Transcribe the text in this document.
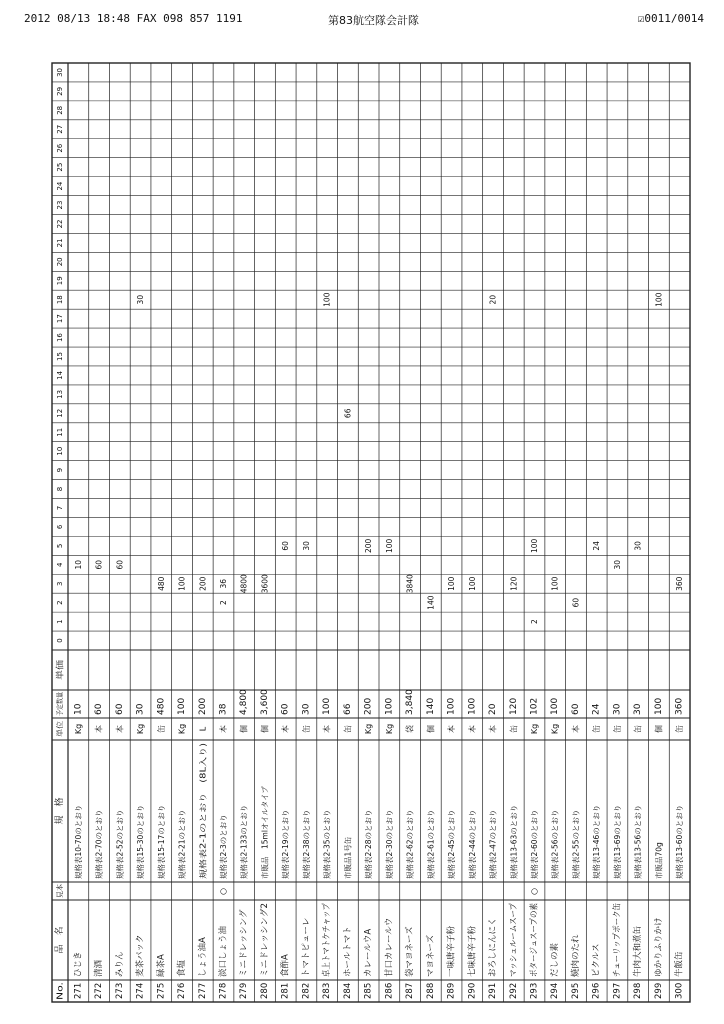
2012 08/13 18:48 FAX 098 857 1191	第83航空隊会計隊	☑0011/0014
No.
品　名
見本
規　格
単位
予定数量
単価
0
1
2
3
4
5
6
7
8
9
10
11
12
13
14
15
16
17
18
19
20
21
22
23
24
25
26
27
28
29
30
271
ひじき
規格表10-70のとおり
Kg
10
10
272
清酒
規格表2-70のとおり
本
60
60
273
みりん
規格表2-52のとおり
本
60
60
274
麦茶パック
規格表15-30のとおり
Kg
30
30
275
緑茶A
規格表15-17のとおり
缶
480
480
276
食塩
規格表2-21のとおり
Kg
100
100
277
しょう油A
規格表2-1のとおり　(8L入り)
L
200
200
278
淡口しょう油
○
規格表2-3のとおり
本
38
2
36
279
ミニドレッシング
規格表2-133のとおり
個
4,800
4800
280
ミニドレッシング2
市販品　15mlオイルタイプ
個
3,600
3600
281
食酢A
規格表2-19のとおり
本
60
60
282
トマトピューレ
規格表2-38のとおり
缶
30
30
283
卓上トマトケチャップ
規格表2-35のとおり
本
100
100
284
ホールトマト
市販品1号缶
缶
66
66
285
カレールウA
規格表2-28のとおり
Kg
200
200
286
甘口カレールウ
規格表2-30のとおり
Kg
100
100
287
袋マヨネーズ
規格表2-62のとおり
袋
3,840
3840
288
マヨネーズ
規格表2-61のとおり
個
140
140
289
一味唐辛子粉
規格表2-45のとおり
本
100
100
290
七味唐辛子粉
規格表2-44のとおり
本
100
100
291
おろしにんにく
規格表2-47のとおり
本
20
20
292
マッシュルームスープ
規格表13-63のとおり
缶
120
120
293
ポタージュスープの素
○
規格表2-60のとおり
Kg
102
2
100
294
だしの素
規格表2-56のとおり
Kg
100
100
295
焼肉のたれ
規格表2-55のとおり
本
60
60
296
ピクルス
規格表13-46のとおり
缶
24
24
297
チューリップポーク缶
規格表13-69のとおり
缶
30
30
298
牛肉大和煮缶
規格表13-56のとおり
缶
30
30
299
ゆかりふりかけ
市販品70g
個
100
100
300
牛飯缶
規格表13-60のとおり
缶
360
360
